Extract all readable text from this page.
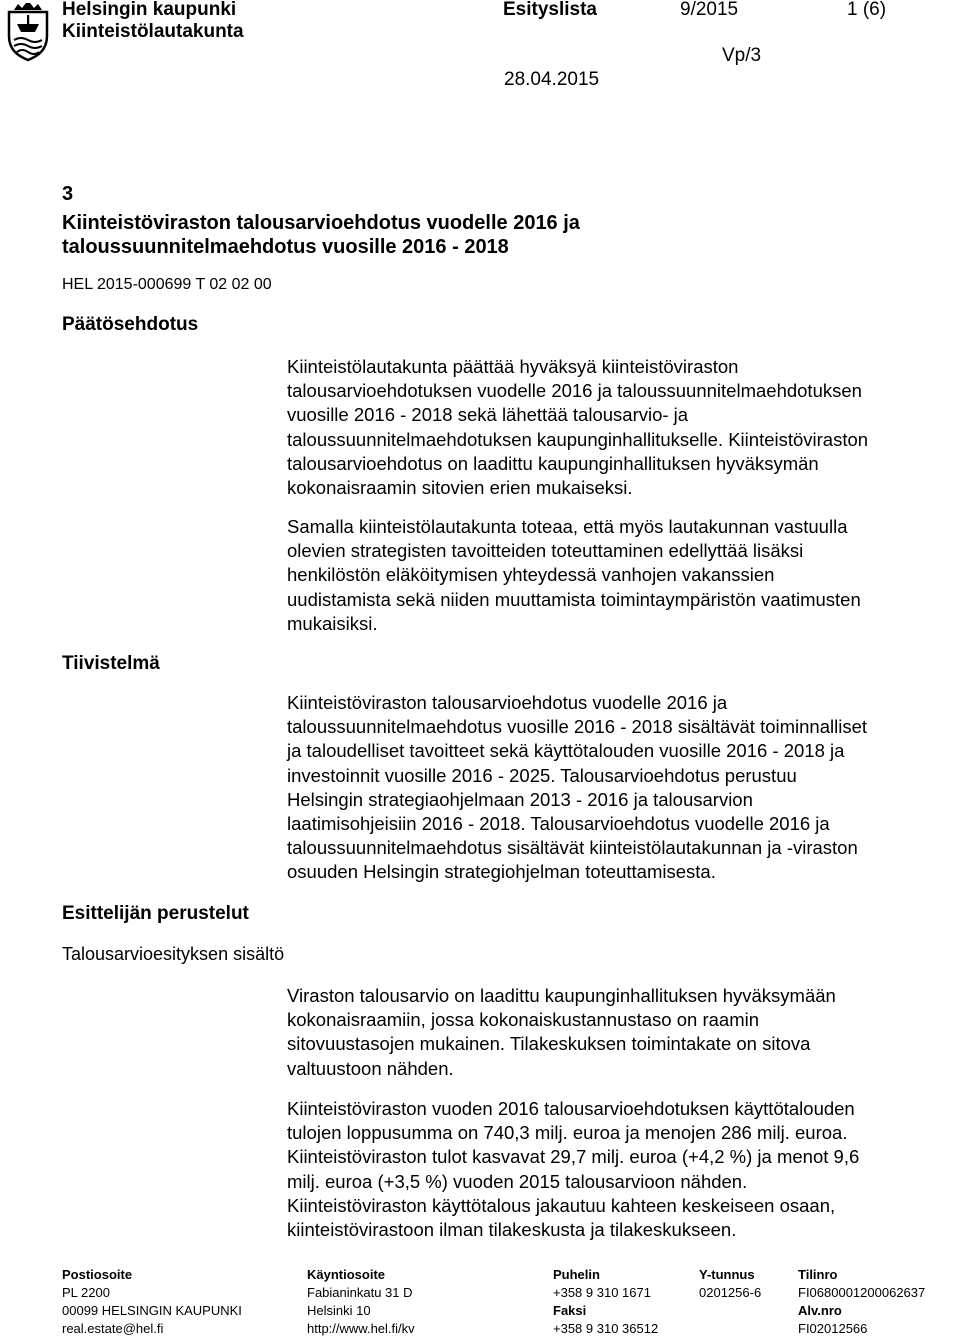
Helsingin kaupunki
Kiinteistölautakunta
Esityslista	9/2015	1 (6)
Vp/3
28.04.2015
3
Kiinteistöviraston talousarvioehdotus vuodelle 2016 ja
taloussuunnitelmaehdotus vuosille 2016 - 2018
HEL 2015-000699 T 02 02 00
Päätösehdotus
Tiivistelmä
Esittelijän perustelut
Talousarvioesityksen sisältö

Kiinteistölautakunta päättää hyväksyä kiinteistöviraston

talousarvioehdotuksen vuodelle 2016 ja taloussuunnitelmaehdotuksen

vuosille 2016 - 2018 sekä lähettää talousarvio- ja

taloussuunnitelmaehdotuksen kaupunginhallitukselle. Kiinteistöviraston

talousarvioehdotus on laadittu kaupunginhallituksen hyväksymän

kokonaisraamin sitovien erien mukaiseksi.

Samalla kiinteistölautakunta toteaa, että myös lautakunnan vastuulla

olevien strategisten tavoitteiden toteuttaminen edellyttää lisäksi

henkilöstön eläköitymisen yhteydessä vanhojen vakanssien

uudistamista sekä niiden muuttamista toimintaympäristön vaatimusten

mukaisiksi.

Kiinteistöviraston talousarvioehdotus vuodelle 2016 ja

taloussuunnitelmaehdotus vuosille 2016 - 2018 sisältävät toiminnalliset

ja taloudelliset tavoitteet sekä käyttötalouden vuosille 2016 - 2018 ja

investoinnit vuosille 2016 - 2025. Talousarvioehdotus perustuu

Helsingin strategiaohjelmaan 2013 - 2016 ja talousarvion

laatimisohjeisiin 2016 - 2018. Talousarvioehdotus vuodelle 2016 ja

taloussuunnitelmaehdotus sisältävät kiinteistölautakunnan ja -viraston

osuuden Helsingin strategiohjelman toteuttamisesta.

Viraston talousarvio on laadittu kaupunginhallituksen hyväksymään

kokonaisraamiin, jossa kokonaiskustannustaso on raamin

sitovuustasojen mukainen. Tilakeskuksen toimintakate on sitova

valtuustoon nähden.

Kiinteistöviraston vuoden 2016 talousarvioehdotuksen käyttötalouden

tulojen loppusumma on 740,3 milj. euroa ja menojen 286 milj. euroa.

Kiinteistöviraston tulot kasvavat 29,7 milj. euroa (+4,2 %) ja menot 9,6

milj. euroa (+3,5 %) vuoden 2015 talousarvioon nähden.

Kiinteistöviraston käyttötalous jakautuu kahteen keskeiseen osaan,

kiinteistövirastoon ilman tilakeskusta ja tilakeskukseen.

Postiosoite
PL 2200
00099 HELSINGIN KAUPUNKI
real.estate@hel.fi
Käyntiosoite
Fabianinkatu 31 D
Helsinki 10
http://www.hel.fi/kv
Puhelin
+358 9 310 1671
Faksi
+358 9 310 36512
Y-tunnus
0201256-6
Tilinro
FI0680001200062637
Alv.nro
FI02012566
